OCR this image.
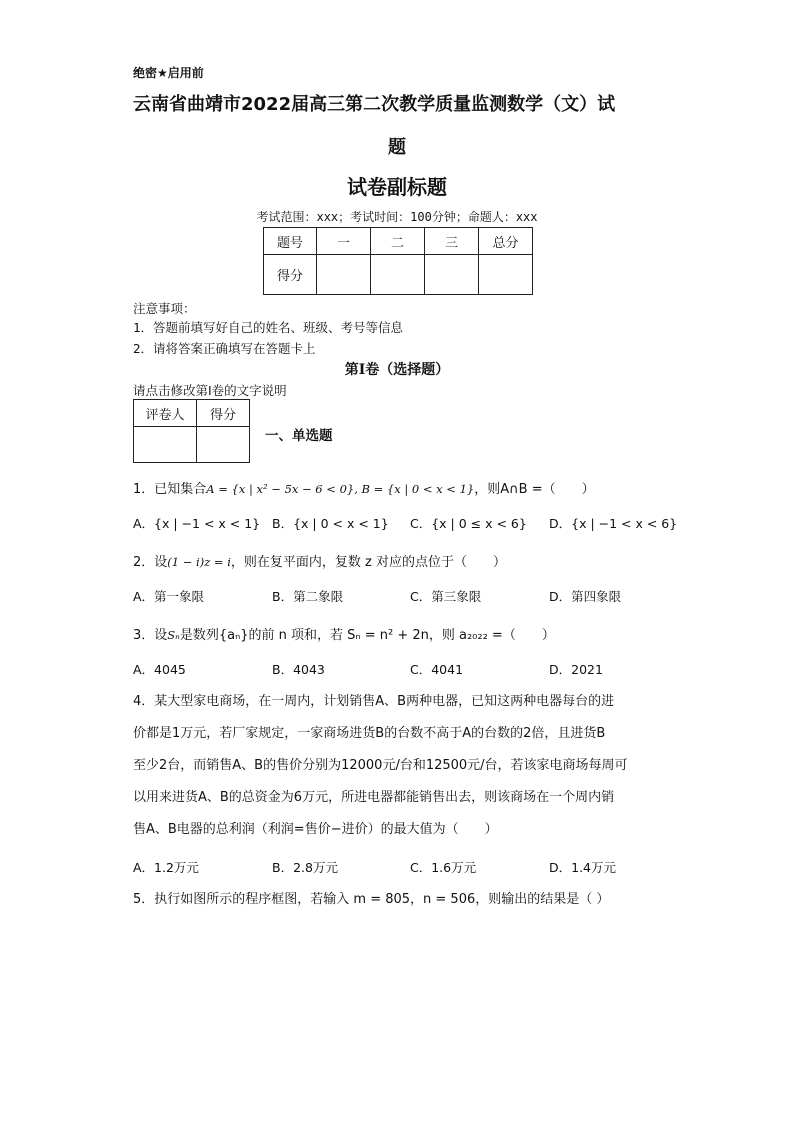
绝密★启用前
云南省曲靖市2022届高三第二次教学质量监测数学（文）试
题
试卷副标题
考试范围：xxx；考试时间：100分钟；命题人：xxx
题号	一	二	三	总分
得分				
注意事项：
1．答题前填写好自己的姓名、班级、考号等信息
2．请将答案正确填写在答题卡上
第Ⅰ卷（选择题）
请点击修改第Ⅰ卷的文字说明
评卷人	得分

一、单选题
1．已知集合A = {x | x² − 5x − 6 < 0}, B = {x | 0 < x < 1}，则A∩B =（　　）
A．{x | −1 < x < 1} B．{x | 0 < x < 1} C．{x | 0 ≤ x < 6} D．{x | −1 < x < 6}
2．设(1 − i)z = i，则在复平面内，复数 z 对应的点位于（　　）
A．第一象限	B．第二象限	C．第三象限	D．第四象限
3．设Sₙ是数列{aₙ}的前 n 项和，若 Sₙ = n² + 2n，则 a₂₀₂₂ =（　　）
A．4045	B．4043	C．4041	D．2021
4．某大型家电商场，在一周内，计划销售A、B两种电器，已知这两种电器每台的进
价都是1万元，若厂家规定，一家商场进货B的台数不高于A的台数的2倍，且进货B
至少2台，而销售A、B的售价分别为12000元/台和12500元/台，若该家电商场每周可
以用来进货A、B的总资金为6万元，所进电器都能销售出去，则该商场在一个周内销
售A、B电器的总利润（利润=售价−进价）的最大值为（　　）
A．1.2万元	B．2.8万元	C．1.6万元	D．1.4万元
5．执行如图所示的程序框图，若输入 m = 805，n = 506，则输出的结果是（ ）
